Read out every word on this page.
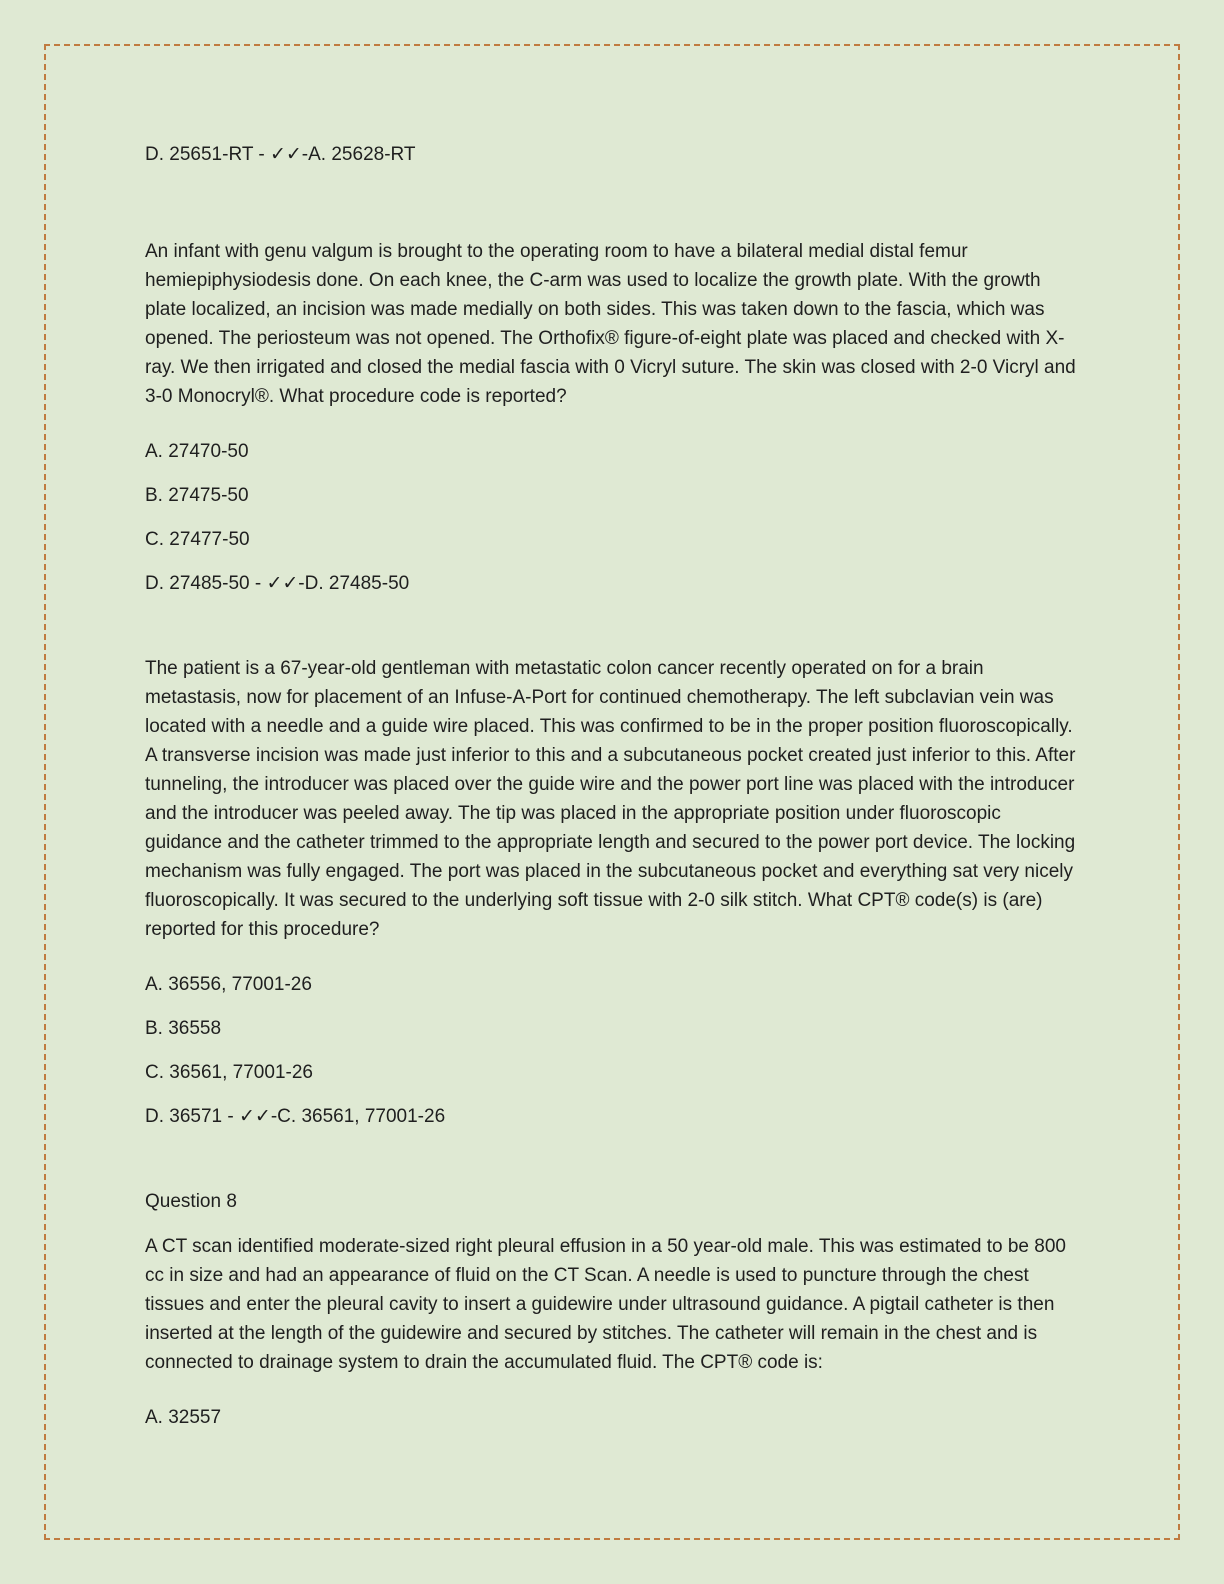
D. 25651-RT - ✓✓-A. 25628-RT

An infant with genu valgum is brought to the operating room to have a bilateral medial distal femur hemiepiphysiodesis done. On each knee, the C-arm was used to localize the growth plate. With the growth plate localized, an incision was made medially on both sides. This was taken down to the fascia, which was opened. The periosteum was not opened. The Orthofix® figure-of-eight plate was placed and checked with X-ray. We then irrigated and closed the medial fascia with 0 Vicryl suture. The skin was closed with 2-0 Vicryl and 3-0 Monocryl®. What procedure code is reported?

A. 27470-50

B. 27475-50

C. 27477-50

D. 27485-50 - ✓✓-D. 27485-50

The patient is a 67-year-old gentleman with metastatic colon cancer recently operated on for a brain metastasis, now for placement of an Infuse-A-Port for continued chemotherapy. The left subclavian vein was located with a needle and a guide wire placed. This was confirmed to be in the proper position fluoroscopically. A transverse incision was made just inferior to this and a subcutaneous pocket created just inferior to this. After tunneling, the introducer was placed over the guide wire and the power port line was placed with the introducer and the introducer was peeled away. The tip was placed in the appropriate position under fluoroscopic guidance and the catheter trimmed to the appropriate length and secured to the power port device. The locking mechanism was fully engaged. The port was placed in the subcutaneous pocket and everything sat very nicely fluoroscopically. It was secured to the underlying soft tissue with 2-0 silk stitch. What CPT® code(s) is (are) reported for this procedure?

A. 36556, 77001-26

B. 36558

C. 36561, 77001-26

D. 36571 - ✓✓-C. 36561, 77001-26

Question 8

A CT scan identified moderate-sized right pleural effusion in a 50 year-old male. This was estimated to be 800 cc in size and had an appearance of fluid on the CT Scan. A needle is used to puncture through the chest tissues and enter the pleural cavity to insert a guidewire under ultrasound guidance. A pigtail catheter is then inserted at the length of the guidewire and secured by stitches. The catheter will remain in the chest and is connected to drainage system to drain the accumulated fluid. The CPT® code is:

A. 32557
